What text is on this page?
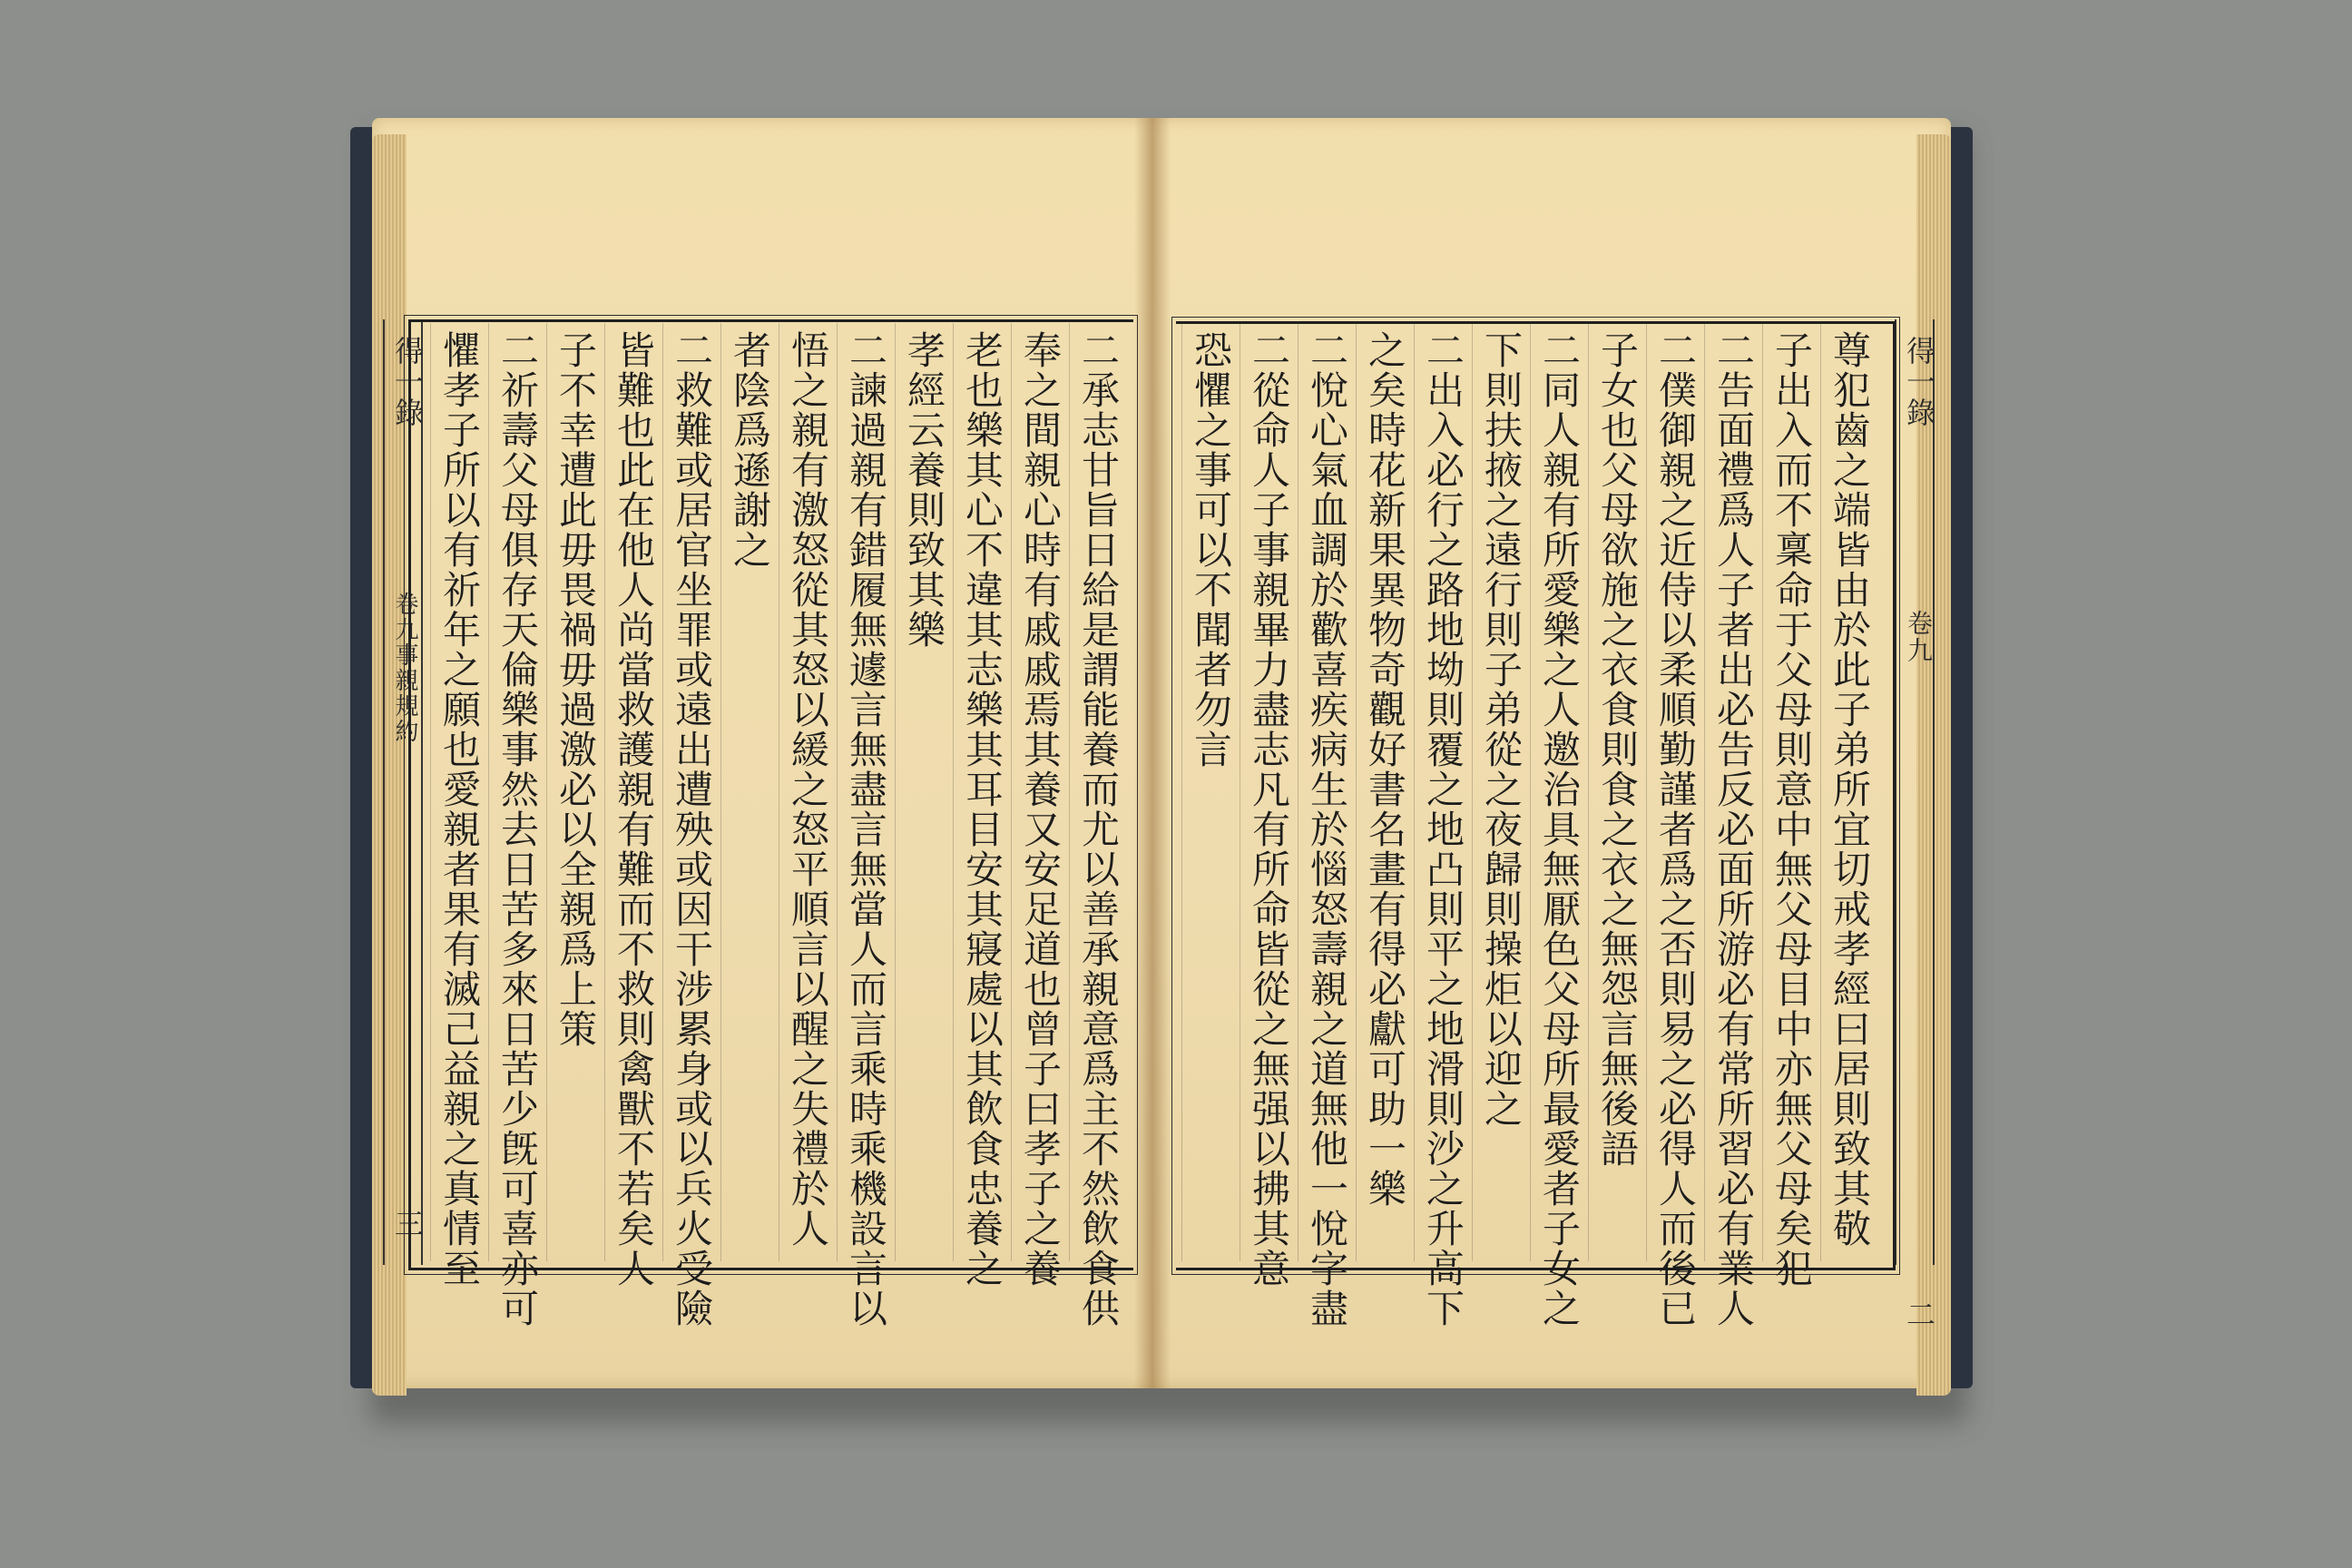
得一錄
卷九事親規約
三 懼孝子所以有祈年之願也愛親者果有滅己益親之真情至 二祈壽父母俱存天倫樂事然去日苦多來日苦少旣可喜亦可 子不幸遭此毋畏禍毋過激必以全親爲上策 皆難也此在他人尚當救護親有難而不救則禽獸不若矣人 二救難或居官坐罪或遠出遭殃或因干涉累身或以兵火受險 者陰爲遜謝之 悟之親有激怒從其怒以緩之怒平順言以醒之失禮於人 二諫過親有錯履無遽言無盡言無當人而言乘時乘機設言以 孝經云養則致其樂 老也樂其心不違其志樂其耳目安其寢處以其飲食忠養之 奉之間親心時有戚戚焉其養又安足道也曾子曰孝子之養 二承志甘旨日給是謂能養而尤以善承親意爲主不然飲食供	得一錄
卷九
二
恐懼之事可以不聞者勿言 二從命人子事親畢力盡志凡有所命皆從之無强以拂其意 二悅心氣血調於歡喜疾病生於惱怒壽親之道無他一悅字盡 之矣時花新果異物奇觀好書名畫有得必獻可助一樂 二出入必行之路地坳則覆之地凸則平之地滑則沙之升高下 下則扶掖之遠行則子弟從之夜歸則操炬以迎之 二同人親有所愛樂之人邀治具無厭色父母所最愛者子女之 子女也父母欲施之衣食則食之衣之無怨言無後語 二僕御親之近侍以柔順勤謹者爲之否則易之必得人而後已 二告面禮爲人子者出必告反必面所游必有常所習必有業人 子出入而不稟命于父母則意中無父母目中亦無父母矣犯 尊犯齒之端皆由於此子弟所宜切戒孝經曰居則致其敬
